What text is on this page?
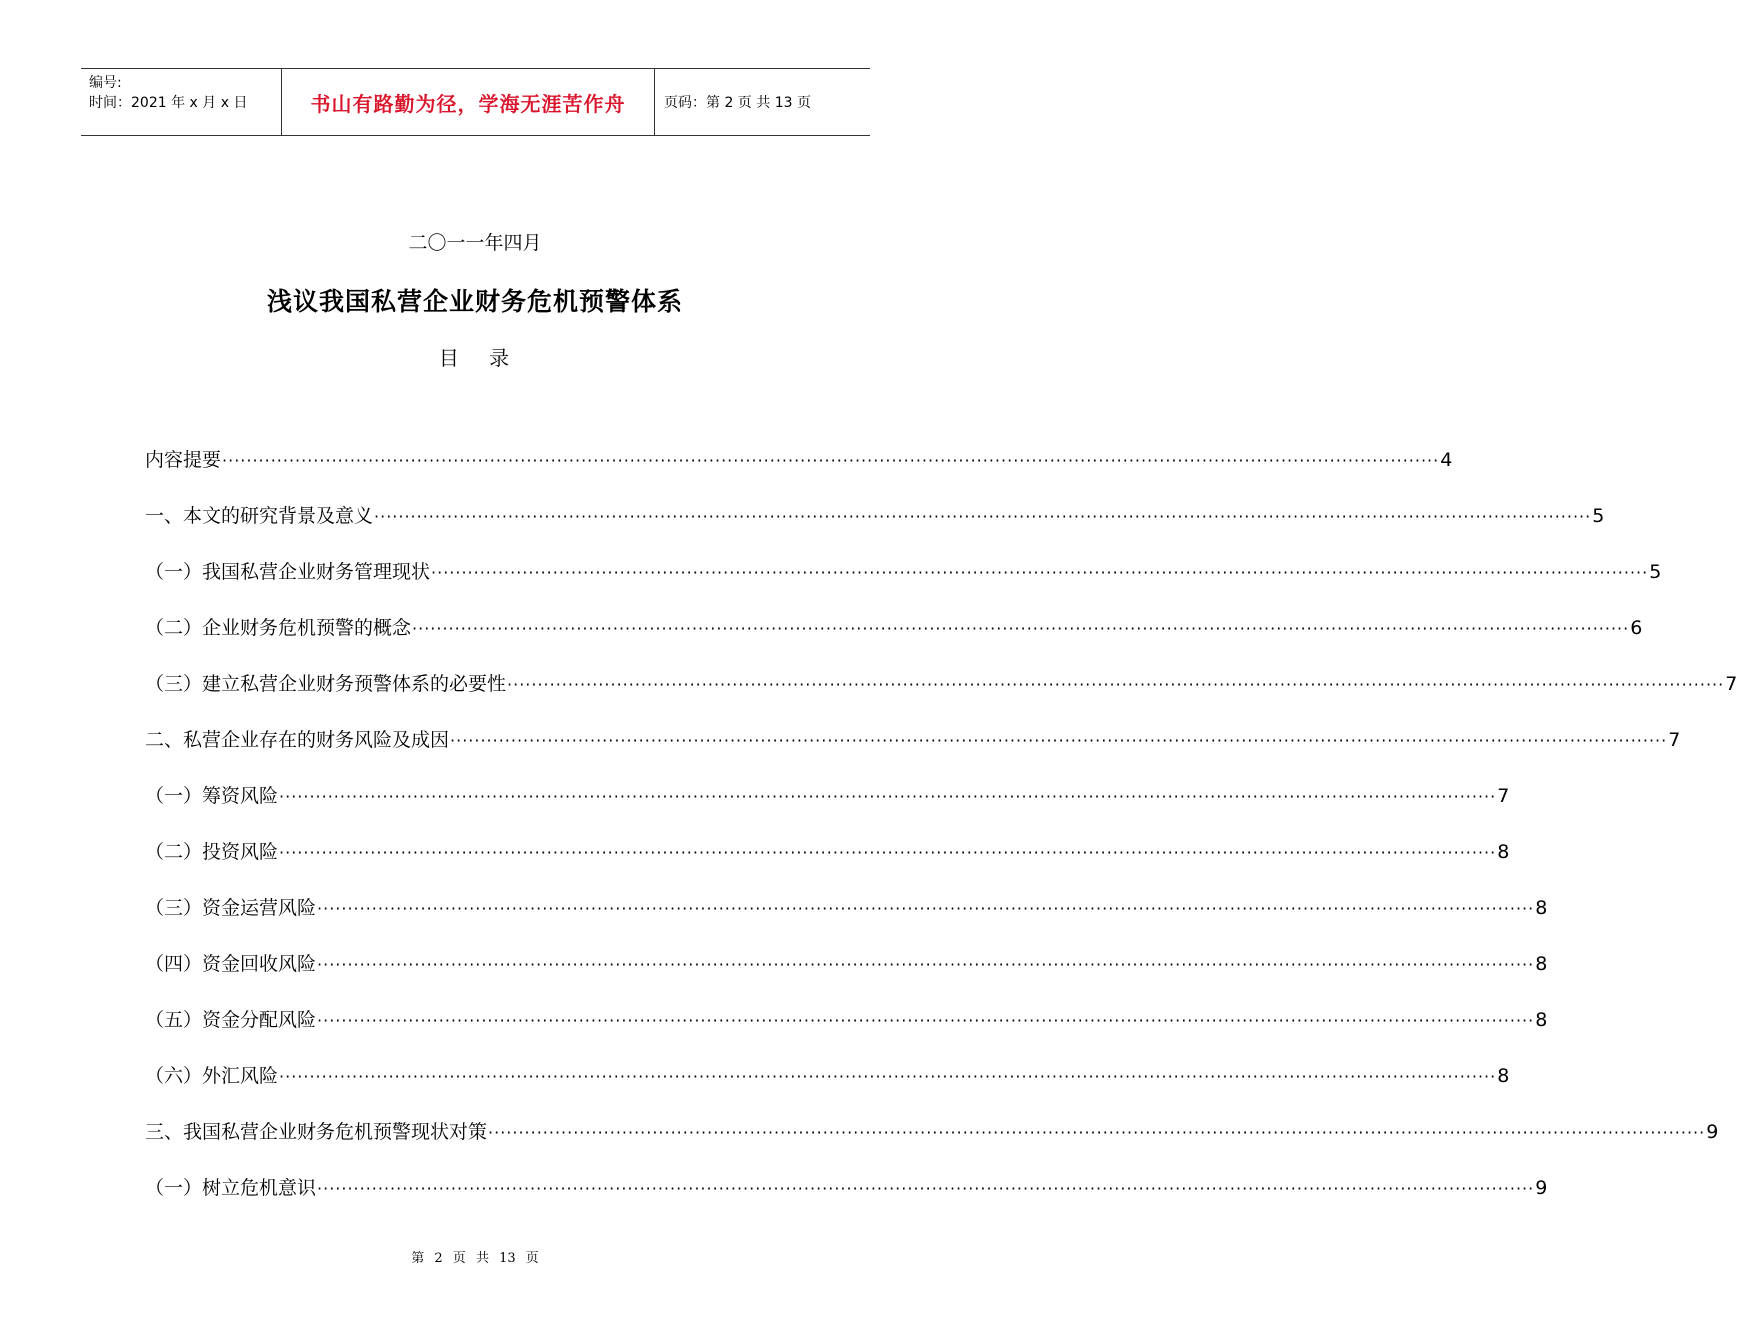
编号:
时间：2021 年 x 月 x 日	书山有路勤为径，学海无涯苦作舟	页码：第 2 页 共 13 页
二〇一一年四月
浅议我国私营企业财务危机预警体系
目 录
内容提要 ········································································································································································································ 4
一、本文的研究背景及意义 ········································································································································································································ 5
（一）我国私营企业财务管理现状 ········································································································································································································ 5
（二）企业财务危机预警的概念 ········································································································································································································ 6
（三）建立私营企业财务预警体系的必要性 ········································································································································································································ 7
二、私营企业存在的财务风险及成因 ········································································································································································································ 7
（一）筹资风险 ········································································································································································································ 7
（二）投资风险 ········································································································································································································ 8
（三）资金运营风险 ········································································································································································································ 8
（四）资金回收风险 ········································································································································································································ 8
（五）资金分配风险 ········································································································································································································ 8
（六）外汇风险 ········································································································································································································ 8
三、我国私营企业财务危机预警现状对策 ········································································································································································································ 9
（一）树立危机意识 ········································································································································································································ 9
第 2 页 共 13 页
